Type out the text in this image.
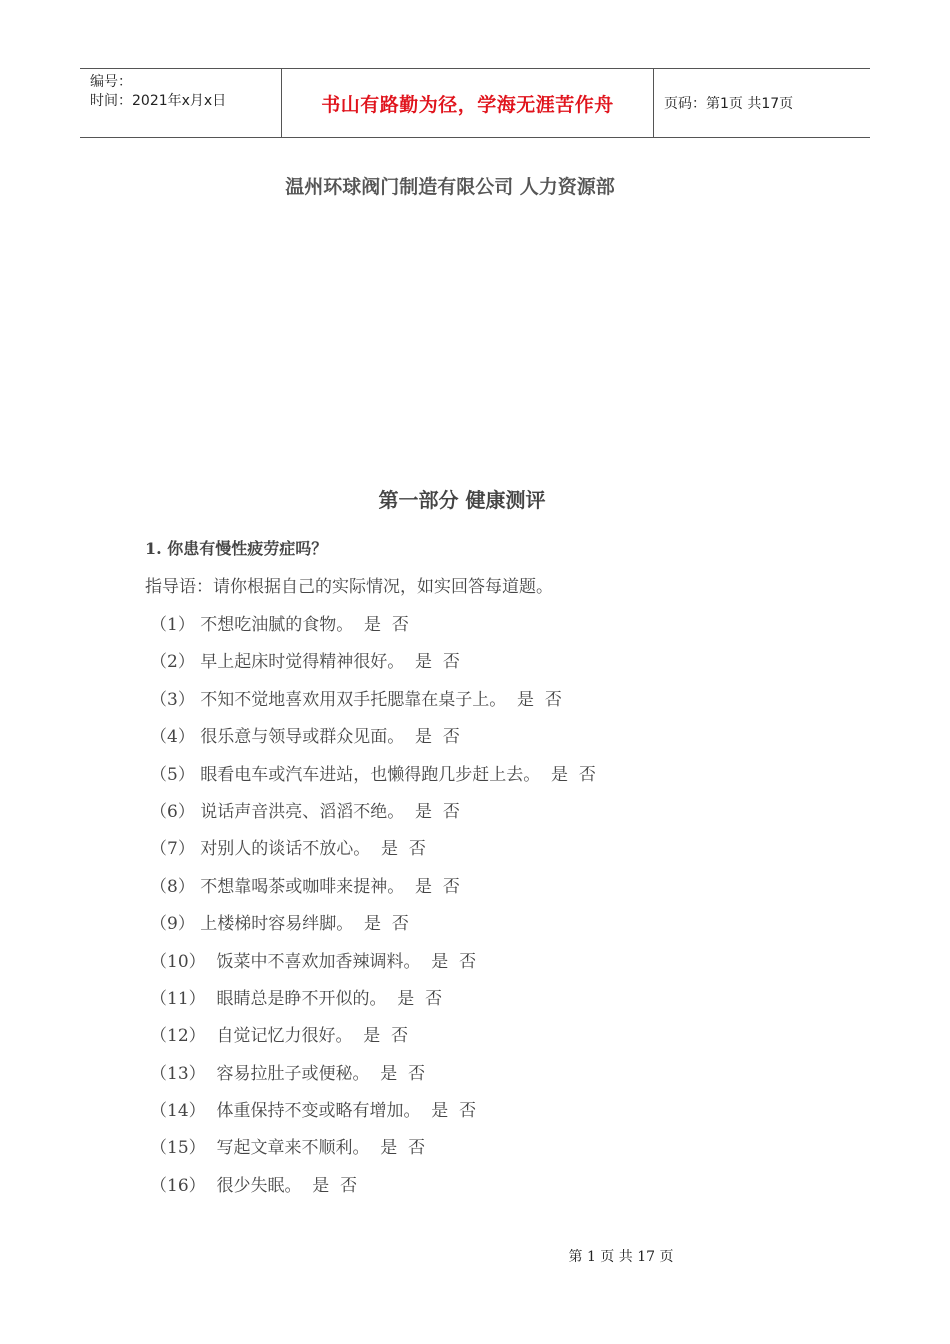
编号：
时间：2021年x月x日	书山有路勤为径，学海无涯苦作舟	页码：第1页 共17页
温州环球阀门制造有限公司 人力资源部
第一部分 健康测评
1. 你患有慢性疲劳症吗？
指导语：请你根据自己的实际情况，如实回答每道题。
（1） 不想吃油腻的食物。 是  否
（2） 早上起床时觉得精神很好。 是  否
（3） 不知不觉地喜欢用双手托腮靠在桌子上。 是  否
（4） 很乐意与领导或群众见面。 是  否
（5） 眼看电车或汽车进站，也懒得跑几步赶上去。 是  否
（6） 说话声音洪亮、滔滔不绝。 是  否
（7） 对别人的谈话不放心。 是  否
（8） 不想靠喝茶或咖啡来提神。 是  否
（9） 上楼梯时容易绊脚。 是  否
（10） 饭菜中不喜欢加香辣调料。 是  否
（11） 眼睛总是睁不开似的。 是  否
（12） 自觉记忆力很好。 是  否
（13） 容易拉肚子或便秘。 是  否
（14） 体重保持不变或略有增加。 是  否
（15） 写起文章来不顺利。 是  否
（16） 很少失眠。 是  否
第 1 页 共 17 页
